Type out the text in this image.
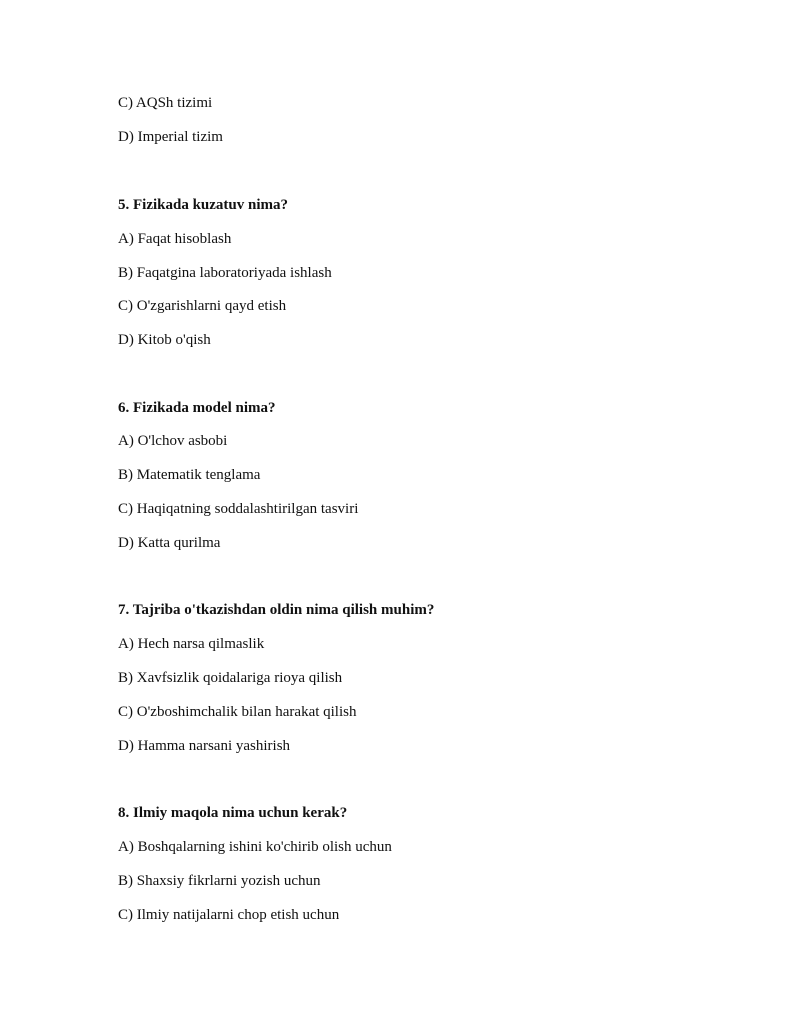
C) AQSh tizimi
D) Imperial tizim
5. Fizikada kuzatuv nima?
A) Faqat hisoblash
B) Faqatgina laboratoriyada ishlash
C) O'zgarishlarni qayd etish
D) Kitob o'qish
6. Fizikada model nima?
A) O'lchov asbobi
B) Matematik tenglama
C) Haqiqatning soddalashtirilgan tasviri
D) Katta qurilma
7. Tajriba o'tkazishdan oldin nima qilish muhim?
A) Hech narsa qilmaslik
B) Xavfsizlik qoidalariga rioya qilish
C) O'zboshimchalik bilan harakat qilish
D) Hamma narsani yashirish
8. Ilmiy maqola nima uchun kerak?
A) Boshqalarning ishini ko'chirib olish uchun
B) Shaxsiy fikrlarni yozish uchun
C) Ilmiy natijalarni chop etish uchun
